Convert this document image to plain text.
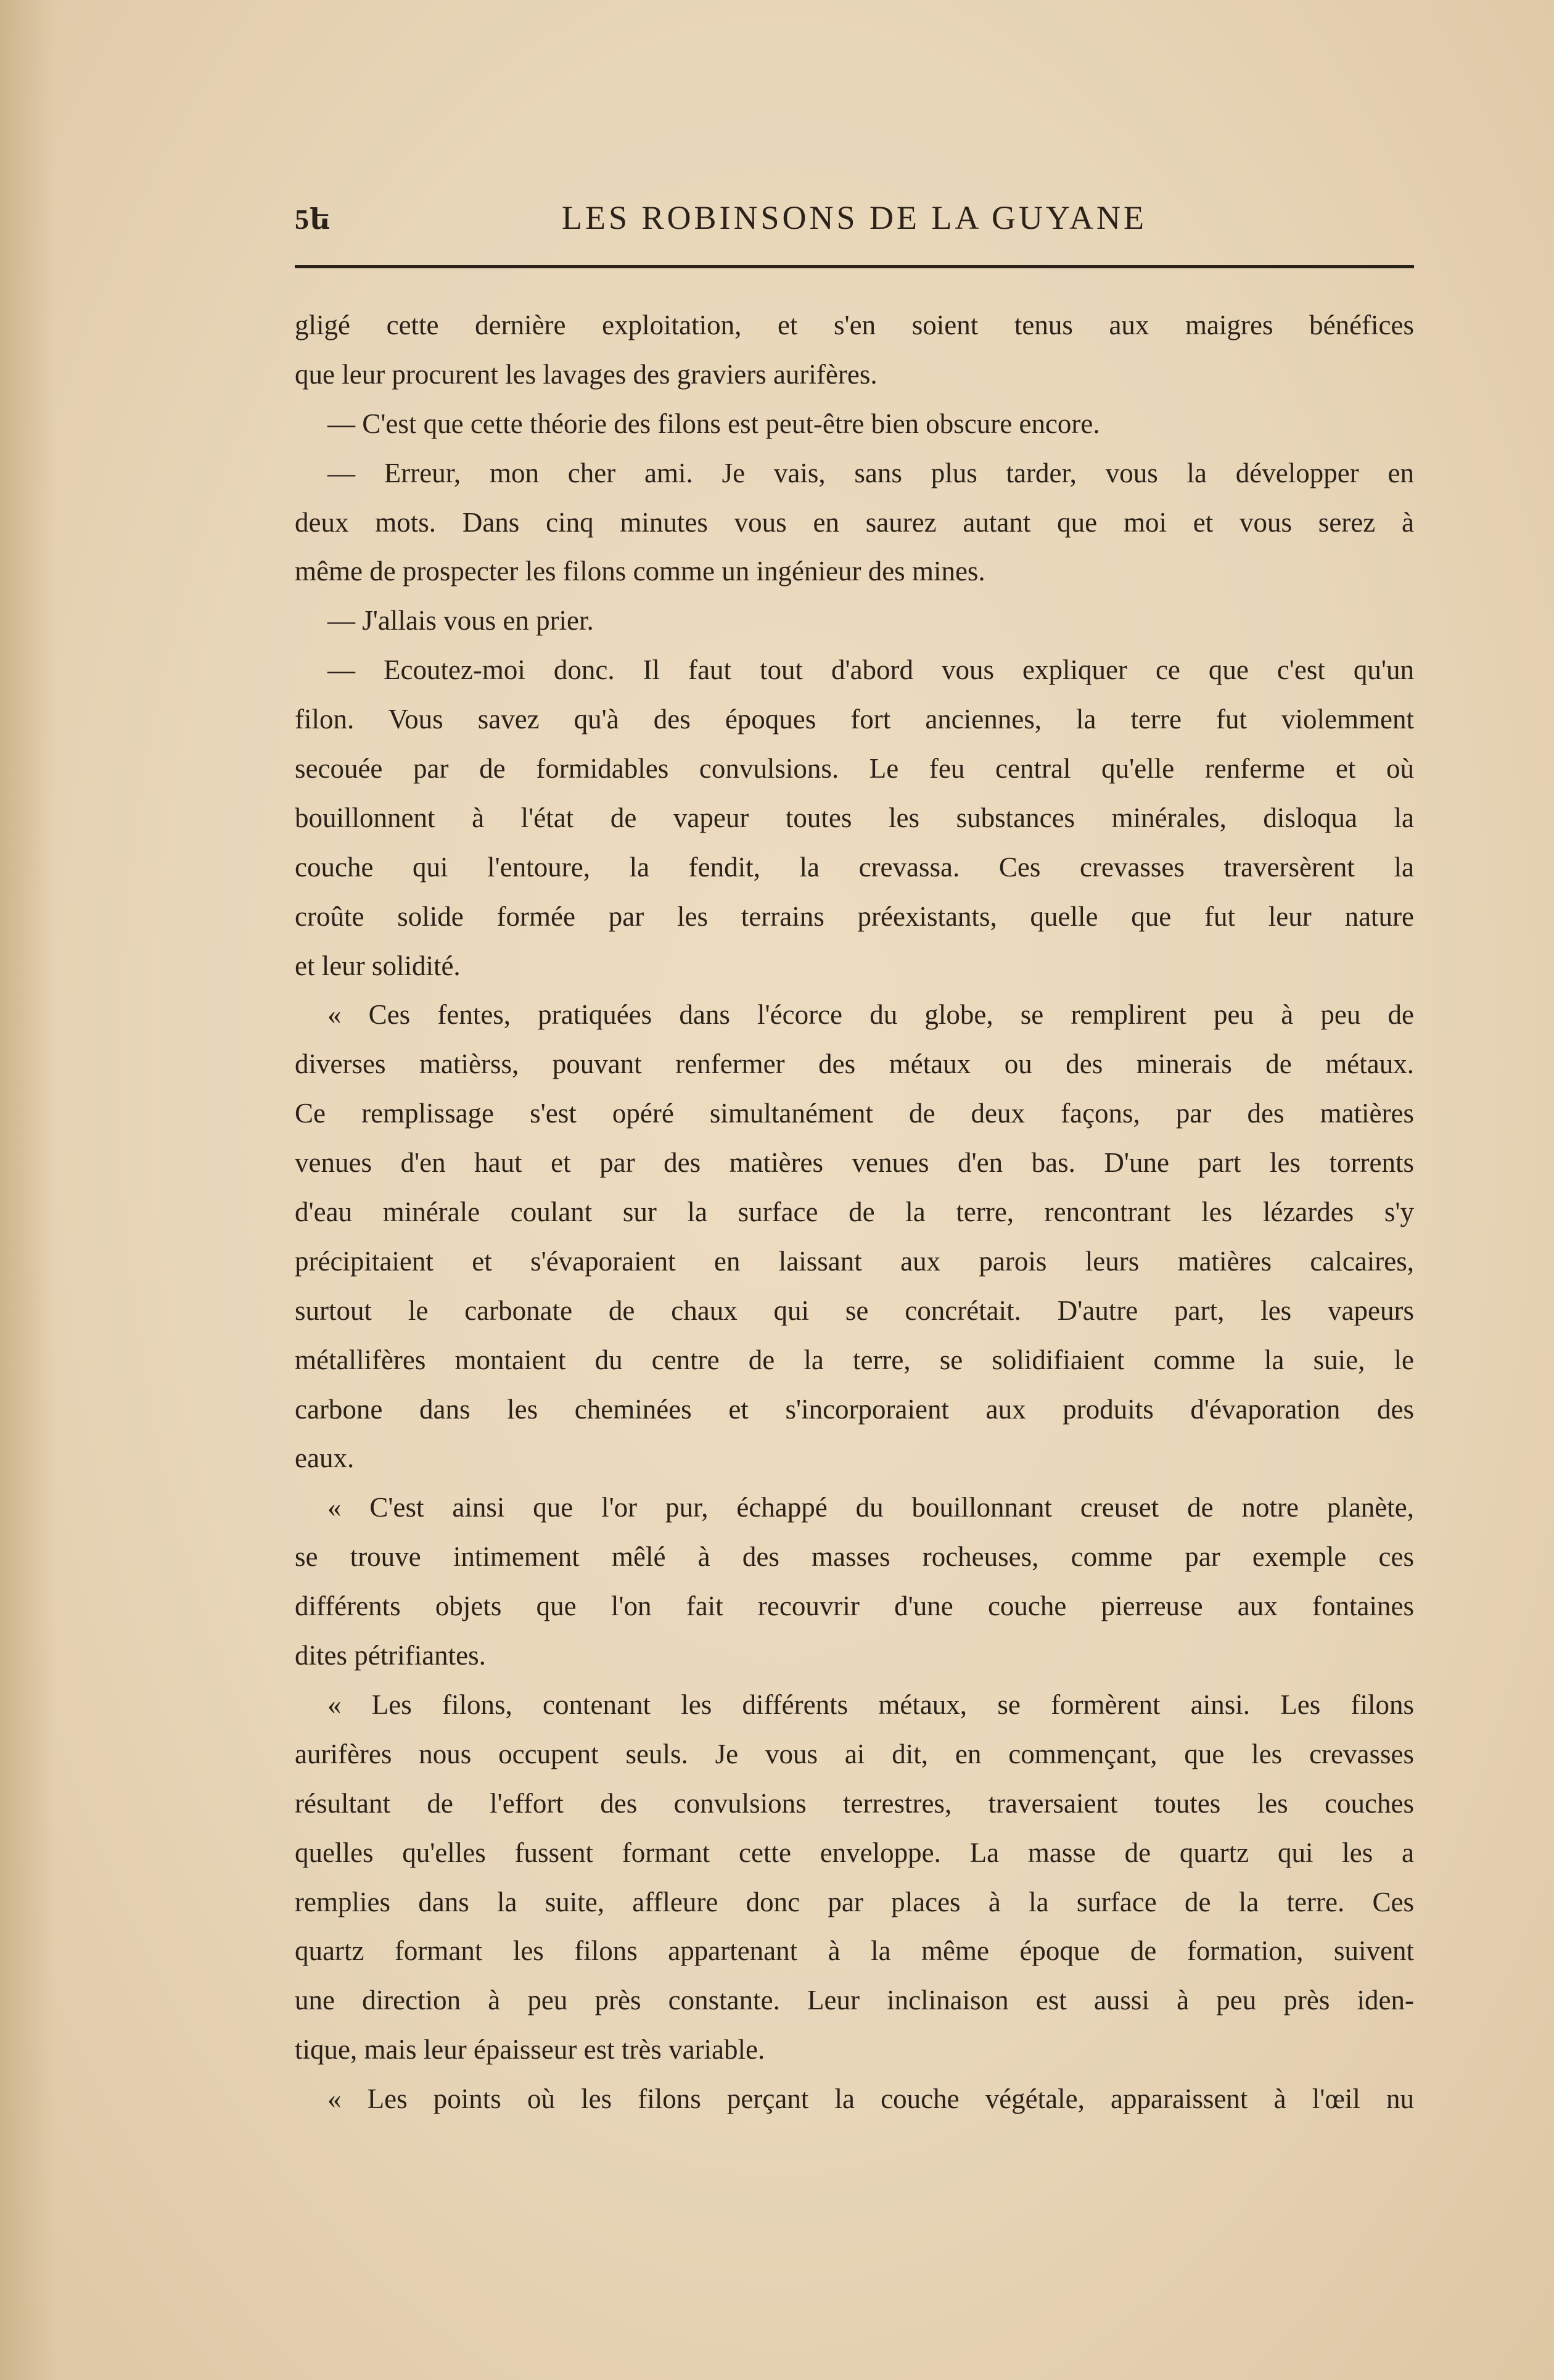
5ե	LES ROBINSONS DE LA GUYANE
gligé cette dernière exploitation, et s'en soient tenus aux maigres bénéfices
que leur procurent les lavages des graviers aurifères.
— C'est que cette théorie des filons est peut-être bien obscure encore.
— Erreur, mon cher ami. Je vais, sans plus tarder, vous la développer en
deux mots. Dans cinq minutes vous en saurez autant que moi et vous serez à
même de prospecter les filons comme un ingénieur des mines.
— J'allais vous en prier.
— Ecoutez-moi donc. Il faut tout d'abord vous expliquer ce que c'est qu'un
filon. Vous savez qu'à des époques fort anciennes, la terre fut violemment
secouée par de formidables convulsions. Le feu central qu'elle renferme et où
bouillonnent à l'état de vapeur toutes les substances minérales, disloqua la
couche qui l'entoure, la fendit, la crevassa. Ces crevasses traversèrent la
croûte solide formée par les terrains préexistants, quelle que fut leur nature
et leur solidité.
« Ces fentes, pratiquées dans l'écorce du globe, se remplirent peu à peu de
diverses matièrss, pouvant renfermer des métaux ou des minerais de métaux.
Ce remplissage s'est opéré simultanément de deux façons, par des matières
venues d'en haut et par des matières venues d'en bas. D'une part les torrents
d'eau minérale coulant sur la surface de la terre, rencontrant les lézardes s'y
précipitaient et s'évaporaient en laissant aux parois leurs matières calcaires,
surtout le carbonate de chaux qui se concrétait. D'autre part, les vapeurs
métallifères montaient du centre de la terre, se solidifiaient comme la suie, le
carbone dans les cheminées et s'incorporaient aux produits d'évaporation des
eaux.
« C'est ainsi que l'or pur, échappé du bouillonnant creuset de notre planète,
se trouve intimement mêlé à des masses rocheuses, comme par exemple ces
différents objets que l'on fait recouvrir d'une couche pierreuse aux fontaines
dites pétrifiantes.
« Les filons, contenant les différents métaux, se formèrent ainsi. Les filons
aurifères nous occupent seuls. Je vous ai dit, en commençant, que les crevasses
résultant de l'effort des convulsions terrestres, traversaient toutes les couches
quelles qu'elles fussent formant cette enveloppe. La masse de quartz qui les a
remplies dans la suite, affleure donc par places à la surface de la terre. Ces
quartz formant les filons appartenant à la même époque de formation, suivent
une direction à peu près constante. Leur inclinaison est aussi à peu près iden-
tique, mais leur épaisseur est très variable.
« Les points où les filons perçant la couche végétale, apparaissent à l'œil nu
